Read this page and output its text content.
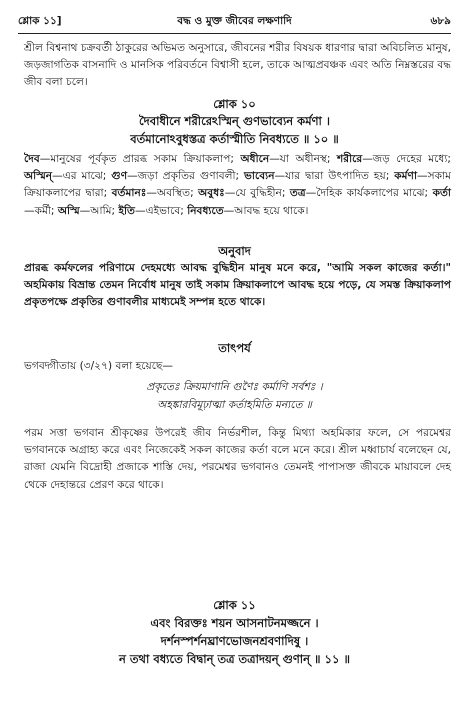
শ্লোক ১১]	বদ্ধ ও মুক্ত জীবের লক্ষণাদি	৬৮৯

শ্রীল বিশ্বনাথ চক্রবর্তী ঠাকুরের অভিমত অনুসারে, জীবনের শরীর বিষয়ক ধারণার দ্বারা অবিচলিত মানুষ, জড়জাগতিক বাসনাদি ও মানসিক পরিবর্তনে বিশ্বাসী হলে, তাকে আত্মপ্রবঞ্চক এবং অতি নিম্নস্তরের বদ্ধ জীব বলা চলে।

শ্লোক ১০
দৈবাধীনে শরীরেঽস্মিন্ গুণভাব্যেন কর্মণা ।
বর্তমানোঽবুধস্তত্র কর্তাস্মীতি নিবধ্যতে ॥ ১০ ॥

দৈব—মানুষের পূর্বকৃত প্রারব্ধ সকাম ক্রিয়াকলাপ; অধীনে—যা অধীনস্থ; শরীরে—জড় দেহের মধ্যে; অস্মিন্—এর মাঝে; গুণ—জড়া প্রকৃতির গুণাবলী; ভাব্যেন—যার দ্বারা উৎপাদিত হয়; কর্মণা—সকাম ক্রিয়াকলাপের দ্বারা; বর্তমানঃ—অবস্থিত; অবুধঃ—যে বুদ্ধিহীন; তত্র—দৈহিক কার্যকলাপের মাঝে; কর্তা—কর্মী; অস্মি—আমি; ইতি—এইভাবে; নিবধ্যতে—আবদ্ধ হয়ে থাকে।

অনুবাদ

প্রারব্ধ কর্মফলের পরিণামে দেহমধ্যে আবদ্ধ বুদ্ধিহীন মানুষ মনে করে, "আমি সকল কাজের কর্তা।" অহমিকায় বিভ্রান্ত তেমন নির্বোধ মানুষ তাই সকাম ক্রিয়াকলাপে আবদ্ধ হয়ে পড়ে, যে সমস্ত ক্রিয়াকলাপ প্রকৃতপক্ষে প্রকৃতির গুণাবলীর মাধ্যমেই সম্পন্ন হতে থাকে।

তাৎপর্য

ভগবদ্গীতায় (৩/২৭) বলা হয়েছে—

প্রকৃতেঃ ক্রিয়মাণানি গুণৈঃ কর্মাণি সর্বশঃ ।
অহঙ্কারবিমূঢ়াত্মা কর্তাহমিতি মন্যতে ॥

পরম সত্তা ভগবান শ্রীকৃষ্ণের উপরেই জীব নির্ভরশীল, কিন্তু মিথ্যা অহমিকার ফলে, সে পরমেশ্বর ভগবানকে অগ্রাহ্য করে এবং নিজেকেই সকল কাজের কর্তা বলে মনে করে। শ্রীল মধ্বাচার্য বলেছেন যে, রাজা যেমনি বিদ্রোহী প্রজাকে শাস্তি দেয়, পরমেশ্বর ভগবানও তেমনই পাপাসক্ত জীবকে মায়াবলে দেহ থেকে দেহান্তরে প্রেরণ করে থাকে।

শ্লোক ১১
এবং বিরক্তঃ শয়ন আসনাটনমজ্জনে ।
দর্শনস্পর্শনঘ্রাণভোজনশ্রবণাদিষু ।
ন তথা বধ্যতে বিদ্বান্ তত্র তত্রাদয়ন্ গুণান্ ॥ ১১ ॥
